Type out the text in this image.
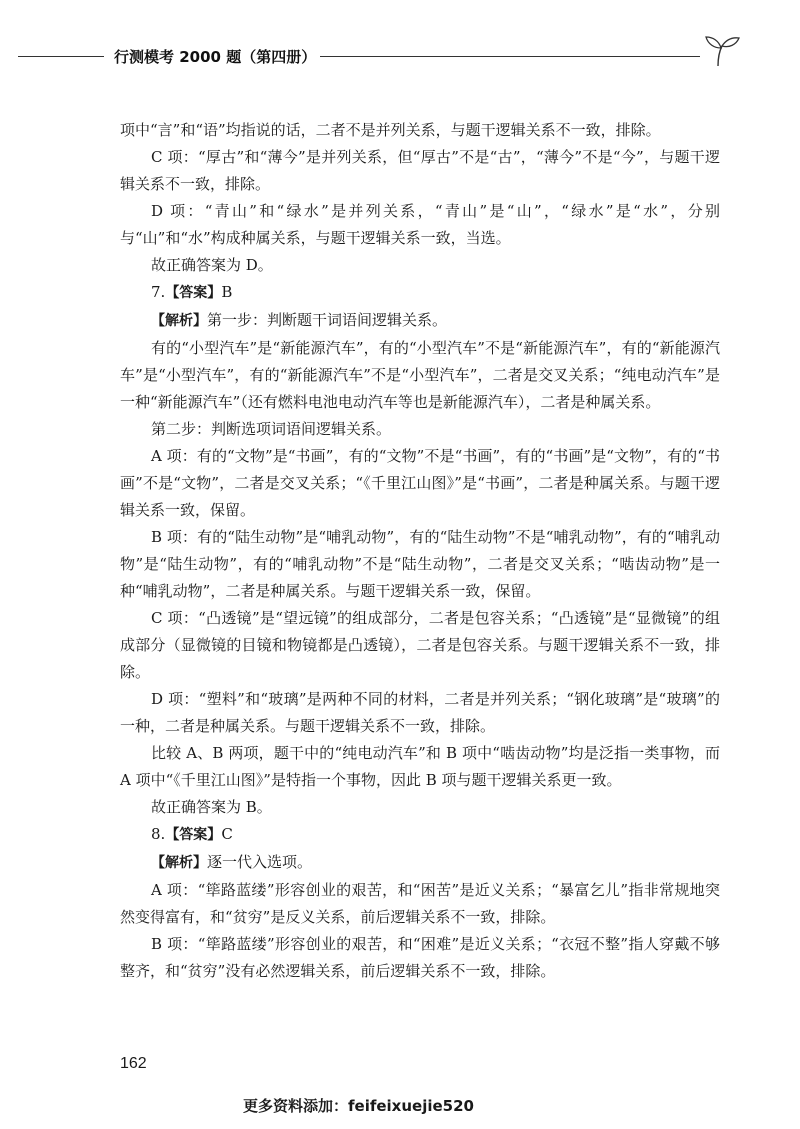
行测模考 2000 题（第四册）

项中“言”和“语”均指说的话，二者不是并列关系，与题干逻辑关系不一致，排除。

C 项：“厚古”和“薄今”是并列关系，但“厚古”不是“古”，“薄今”不是“今”，与题干逻辑关系不一致，排除。

D 项：“青山”和“绿水”是并列关系，“青山”是“山”，“绿水”是“水”，分别与“山”和“水”构成种属关系，与题干逻辑关系一致，当选。

故正确答案为 D。

7.【答案】B

【解析】第一步：判断题干词语间逻辑关系。

有的“小型汽车”是“新能源汽车”，有的“小型汽车”不是“新能源汽车”，有的“新能源汽车”是“小型汽车”，有的“新能源汽车”不是“小型汽车”，二者是交叉关系；“纯电动汽车”是一种“新能源汽车”（还有燃料电池电动汽车等也是新能源汽车），二者是种属关系。

第二步：判断选项词语间逻辑关系。

A 项：有的“文物”是“书画”，有的“文物”不是“书画”，有的“书画”是“文物”，有的“书画”不是“文物”，二者是交叉关系；“《千里江山图》”是“书画”，二者是种属关系。与题干逻辑关系一致，保留。

B 项：有的“陆生动物”是“哺乳动物”，有的“陆生动物”不是“哺乳动物”，有的“哺乳动物”是“陆生动物”，有的“哺乳动物”不是“陆生动物”，二者是交叉关系；“啮齿动物”是一种“哺乳动物”，二者是种属关系。与题干逻辑关系一致，保留。

C 项：“凸透镜”是“望远镜”的组成部分，二者是包容关系；“凸透镜”是“显微镜”的组成部分（显微镜的目镜和物镜都是凸透镜），二者是包容关系。与题干逻辑关系不一致，排除。

D 项：“塑料”和“玻璃”是两种不同的材料，二者是并列关系；“钢化玻璃”是“玻璃”的一种，二者是种属关系。与题干逻辑关系不一致，排除。

比较 A、B 两项，题干中的“纯电动汽车”和 B 项中“啮齿动物”均是泛指一类事物，而 A 项中“《千里江山图》”是特指一个事物，因此 B 项与题干逻辑关系更一致。

故正确答案为 B。

8.【答案】C

【解析】逐一代入选项。

A 项：“筚路蓝缕”形容创业的艰苦，和“困苦”是近义关系；“暴富乞儿”指非常规地突然变得富有，和“贫穷”是反义关系，前后逻辑关系不一致，排除。

B 项：“筚路蓝缕”形容创业的艰苦，和“困难”是近义关系；“衣冠不整”指人穿戴不够整齐，和“贫穷”没有必然逻辑关系，前后逻辑关系不一致，排除。

162
更多资料添加：feifeixuejie520
